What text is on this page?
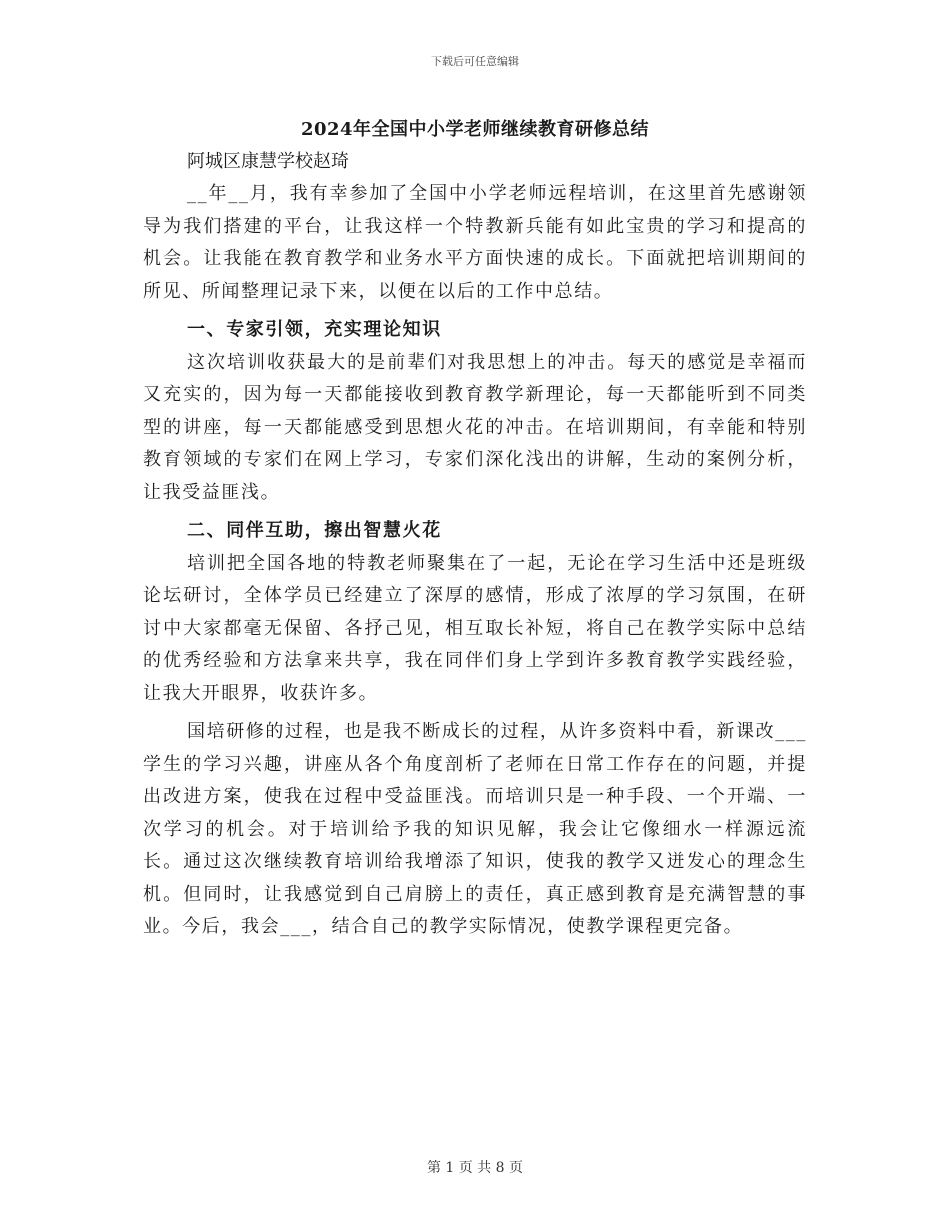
下载后可任意编辑
2024年全国中小学老师继续教育研修总结
阿城区康慧学校赵琦

__年__月，我有幸参加了全国中小学老师远程培训，在这里首先感谢领导为我们搭建的平台，让我这样一个特教新兵能有如此宝贵的学习和提高的机会。让我能在教育教学和业务水平方面快速的成长。下面就把培训期间的所见、所闻整理记录下来，以便在以后的工作中总结。

一、专家引领，充实理论知识

这次培训收获最大的是前辈们对我思想上的冲击。每天的感觉是幸福而又充实的，因为每一天都能接收到教育教学新理论，每一天都能听到不同类型的讲座，每一天都能感受到思想火花的冲击。在培训期间，有幸能和特别教育领域的专家们在网上学习，专家们深化浅出的讲解，生动的案例分析，让我受益匪浅。

二、同伴互助，擦出智慧火花

培训把全国各地的特教老师聚集在了一起，无论在学习生活中还是班级论坛研讨，全体学员已经建立了深厚的感情，形成了浓厚的学习氛围，在研讨中大家都毫无保留、各抒己见，相互取长补短，将自己在教学实际中总结的优秀经验和方法拿来共享，我在同伴们身上学到许多教育教学实践经验，让我大开眼界，收获许多。

国培研修的过程，也是我不断成长的过程，从许多资料中看，新课改___学生的学习兴趣，讲座从各个角度剖析了老师在日常工作存在的问题，并提出改进方案，使我在过程中受益匪浅。而培训只是一种手段、一个开端、一次学习的机会。对于培训给予我的知识见解，我会让它像细水一样源远流长。通过这次继续教育培训给我增添了知识，使我的教学又迸发心的理念生机。但同时，让我感觉到自己肩膀上的责任，真正感到教育是充满智慧的事业。今后，我会___，结合自己的教学实际情况，使教学课程更完备。

第 1 页 共 8 页
